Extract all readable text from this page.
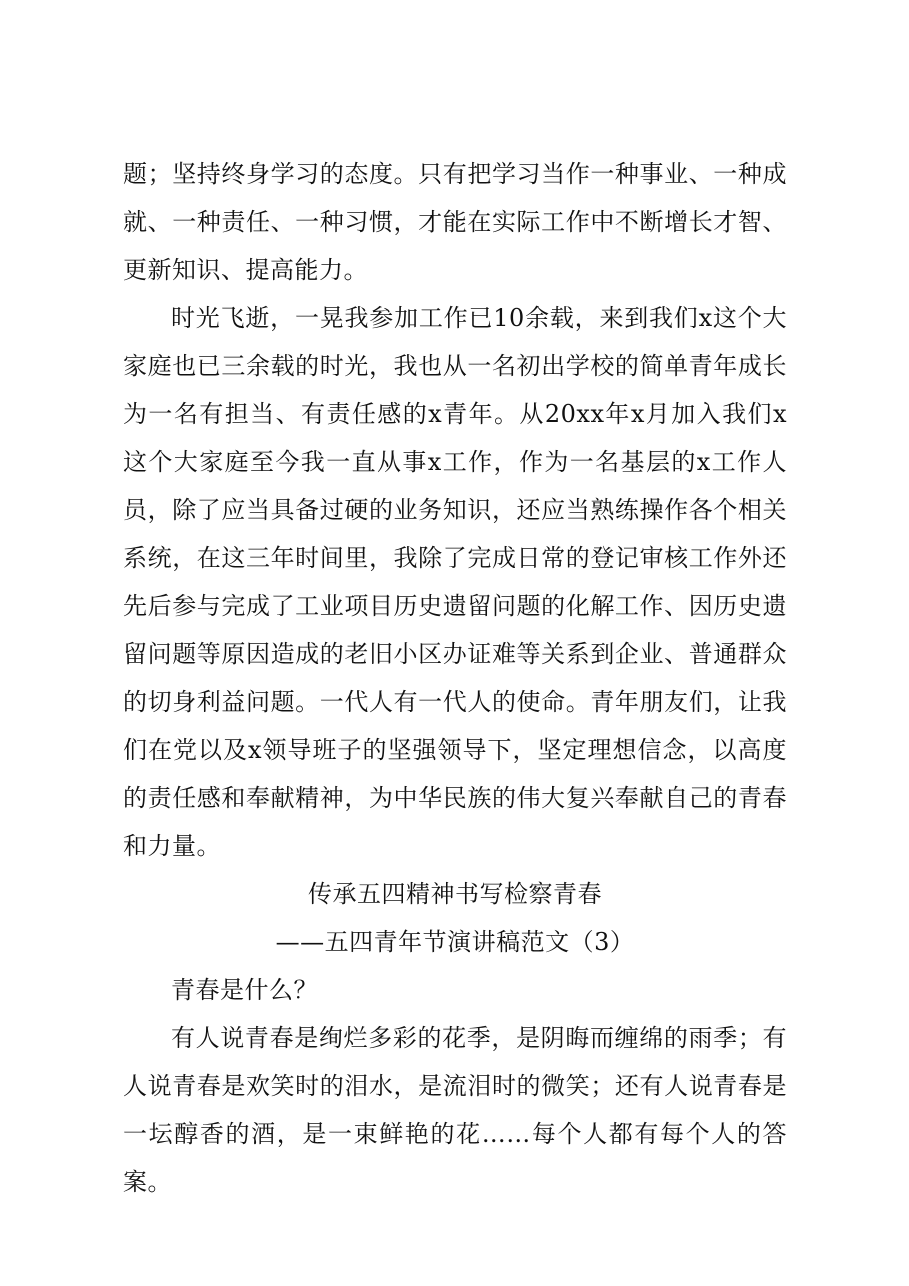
题；坚持终身学习的态度。只有把学习当作一种事业、一种成就、一种责任、一种习惯，才能在实际工作中不断增长才智、更新知识、提高能力。

时光飞逝，一晃我参加工作已10余载，来到我们x这个大家庭也已三余载的时光，我也从一名初出学校的简单青年成长为一名有担当、有责任感的x青年。从20xx年x月加入我们x这个大家庭至今我一直从事x工作，作为一名基层的x工作人员，除了应当具备过硬的业务知识，还应当熟练操作各个相关系统，在这三年时间里，我除了完成日常的登记审核工作外还先后参与完成了工业项目历史遗留问题的化解工作、因历史遗留问题等原因造成的老旧小区办证难等关系到企业、普通群众的切身利益问题。一代人有一代人的使命。青年朋友们，让我们在党以及x领导班子的坚强领导下，坚定理想信念，以高度的责任感和奉献精神，为中华民族的伟大复兴奉献自己的青春和力量。

传承五四精神书写检察青春

——五四青年节演讲稿范文（3）

青春是什么？

有人说青春是绚烂多彩的花季，是阴晦而缠绵的雨季；有人说青春是欢笑时的泪水，是流泪时的微笑；还有人说青春是一坛醇香的酒，是一束鲜艳的花……每个人都有每个人的答案。
